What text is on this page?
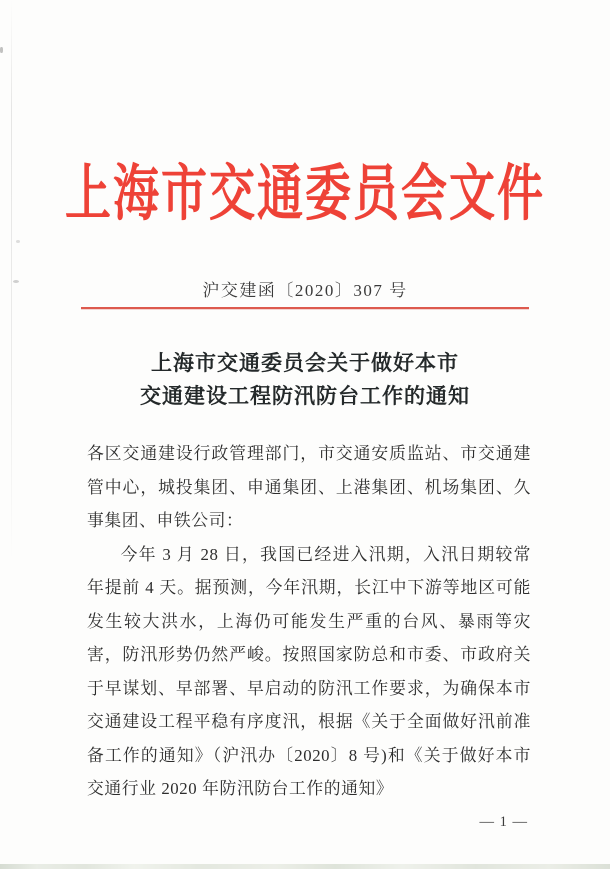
上海市交通委员会文件
沪交建函〔2020〕307 号
上海市交通委员会关于做好本市
交通建设工程防汛防台工作的通知

各区交通建设行政管理部门，市交通安质监站、市交通建管中心，城投集团、申通集团、上港集团、机场集团、久事集团、申铁公司：

今年 3 月 28 日，我国已经进入汛期，入汛日期较常年提前 4 天。据预测，今年汛期，长江中下游等地区可能发生较大洪水，上海仍可能发生严重的台风、暴雨等灾害，防汛形势仍然严峻。按照国家防总和市委、市政府关于早谋划、早部署、早启动的防汛工作要求，为确保本市交通建设工程平稳有序度汛，根据《关于全面做好汛前准备工作的通知》（沪汛办〔2020〕8 号)和《关于做好本市交通行业 2020 年防汛防台工作的通知》

— 1 —
